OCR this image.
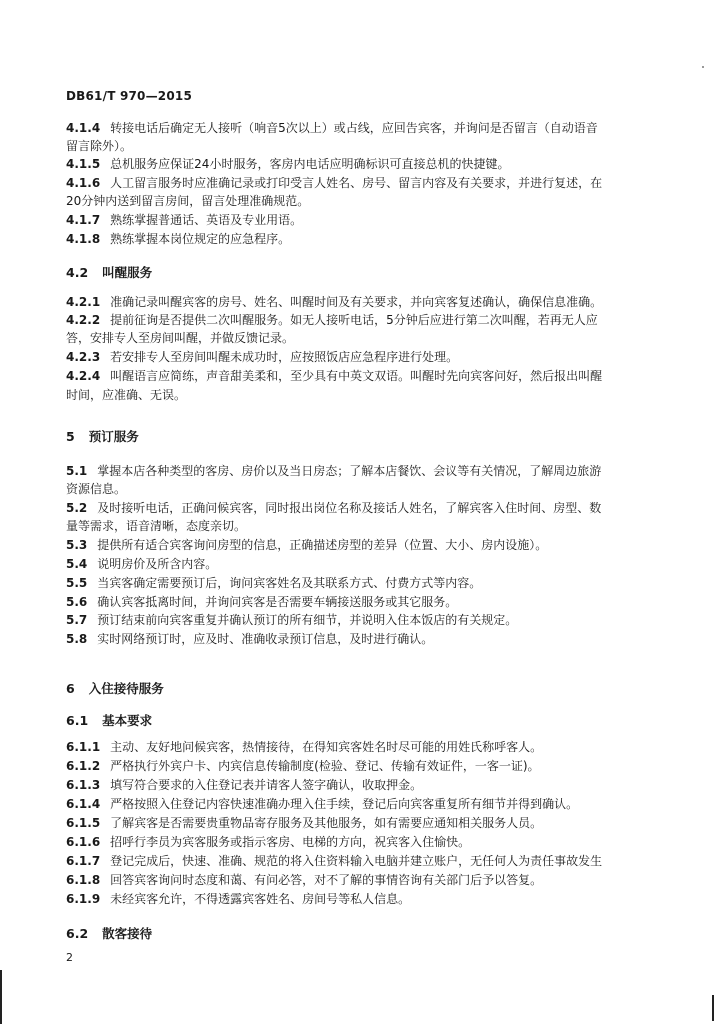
DB61/T 970—2015
4.1.4 转接电话后确定无人接听（响音5次以上）或占线，应回告宾客，并询问是否留言（自动语音
留言除外）。
4.1.5 总机服务应保证24小时服务，客房内电话应明确标识可直接总机的快捷键。
4.1.6 人工留言服务时应准确记录或打印受言人姓名、房号、留言内容及有关要求，并进行复述，在
20分钟内送到留言房间，留言处理准确规范。
4.1.7 熟练掌握普通话、英语及专业用语。
4.1.8 熟练掌握本岗位规定的应急程序。
4.2.1 准确记录叫醒宾客的房号、姓名、叫醒时间及有关要求，并向宾客复述确认，确保信息准确。
4.2.2 提前征询是否提供二次叫醒服务。如无人接听电话，5分钟后应进行第二次叫醒，若再无人应
答，安排专人至房间叫醒，并做反馈记录。
4.2.3 若安排专人至房间叫醒未成功时，应按照饭店应急程序进行处理。
4.2.4 叫醒语言应简练，声音甜美柔和，至少具有中英文双语。叫醒时先向宾客问好，然后报出叫醒
时间，应准确、无误。
5.1 掌握本店各种类型的客房、房价以及当日房态；了解本店餐饮、会议等有关情况，了解周边旅游
资源信息。
5.2 及时接听电话，正确问候宾客，同时报出岗位名称及接话人姓名，了解宾客入住时间、房型、数
量等需求，语音清晰，态度亲切。
5.3 提供所有适合宾客询问房型的信息，正确描述房型的差异（位置、大小、房内设施）。
5.4 说明房价及所含内容。
5.5 当宾客确定需要预订后，询问宾客姓名及其联系方式、付费方式等内容。
5.6 确认宾客抵离时间，并询问宾客是否需要车辆接送服务或其它服务。
5.7 预订结束前向宾客重复并确认预订的所有细节，并说明入住本饭店的有关规定。
5.8 实时网络预订时，应及时、准确收录预订信息，及时进行确认。
6.1.1 主动、友好地问候宾客，热情接待，在得知宾客姓名时尽可能的用姓氏称呼客人。
6.1.2 严格执行外宾户卡、内宾信息传输制度(检验、登记、传输有效证件，一客一证)。
6.1.3 填写符合要求的入住登记表并请客人签字确认，收取押金。
6.1.4 严格按照入住登记内容快速准确办理入住手续，登记后向宾客重复所有细节并得到确认。
6.1.5 了解宾客是否需要贵重物品寄存服务及其他服务，如有需要应通知相关服务人员。
6.1.6 招呼行李员为宾客服务或指示客房、电梯的方向，祝宾客入住愉快。
6.1.7 登记完成后，快速、准确、规范的将入住资料输入电脑并建立账户，无任何人为责任事故发生
6.1.8 回答宾客询问时态度和蔼、有问必答，对不了解的事情咨询有关部门后予以答复。
6.1.9 未经宾客允许，不得透露宾客姓名、房间号等私人信息。
4.2 叫醒服务
5 预订服务
6 入住接待服务
6.1 基本要求
6.2 散客接待
2
